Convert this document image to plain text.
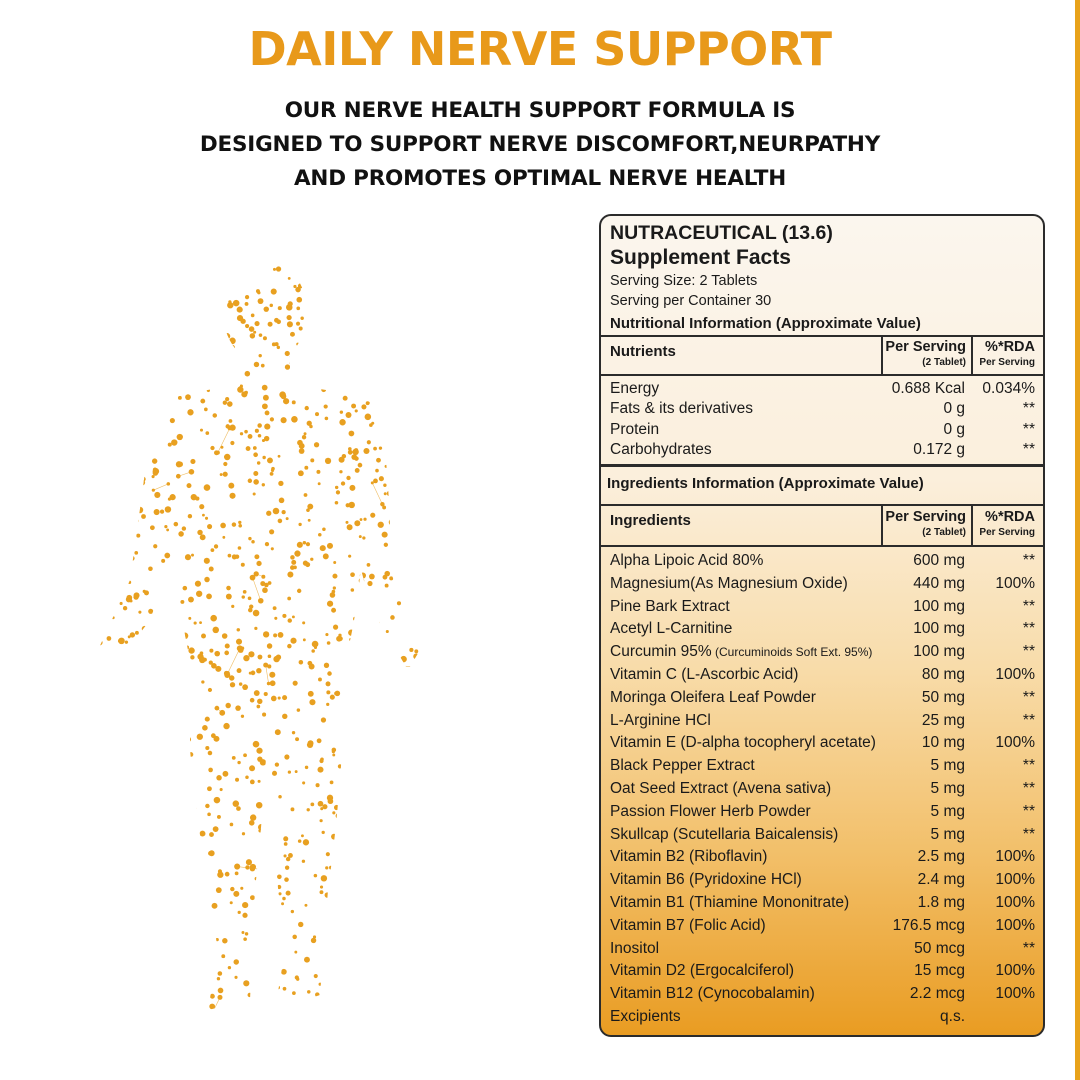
DAILY NERVE SUPPORT
OUR NERVE HEALTH SUPPORT FORMULA IS
DESIGNED TO SUPPORT NERVE DISCOMFORT,NEURPATHY
AND PROMOTES OPTIMAL NERVE HEALTH
NUTRACEUTICAL (13.6)
Supplement Facts
Serving Size: 2 Tablets
Serving per Container 30
Nutritional Information (Approximate Value)
Nutrients	Per Serving
(2 Tablet)
%*RDA
Per Serving
Energy	0.688 Kcal 0.034%
Fats & its derivatives	0 g	**
Protein	0 g	**
Carbohydrates	0.172 g	**
Ingredients Information (Approximate Value)
Ingredients	Per Serving
(2 Tablet)
%*RDA
Per Serving
Alpha Lipoic Acid 80%	600 mg	**
Magnesium(As Magnesium Oxide)	440 mg 100%
Pine Bark Extract	100 mg	**
Acetyl L-Carnitine	100 mg	**
Curcumin 95% (Curcuminoids Soft Ext. 95%)	100 mg	**
Vitamin C (L-Ascorbic Acid)	80 mg 100%
Moringa Oleifera Leaf Powder	50 mg	**
L-Arginine HCl	25 mg	**
Vitamin E (D-alpha tocopheryl acetate)	10 mg 100%
Black Pepper Extract	5 mg	**
Oat Seed Extract (Avena sativa)	5 mg	**
Passion Flower Herb Powder	5 mg	**
Skullcap (Scutellaria Baicalensis)	5 mg	**
Vitamin B2 (Riboflavin)	2.5 mg 100%
Vitamin B6 (Pyridoxine HCl)	2.4 mg 100%
Vitamin B1 (Thiamine Mononitrate)	1.8 mg 100%
Vitamin B7 (Folic Acid)	176.5 mcg 100%
Inositol	50 mcg	**
Vitamin D2 (Ergocalciferol)	15 mcg 100%
Vitamin B12 (Cynocobalamin)	2.2 mcg 100%
Excipients	q.s.
